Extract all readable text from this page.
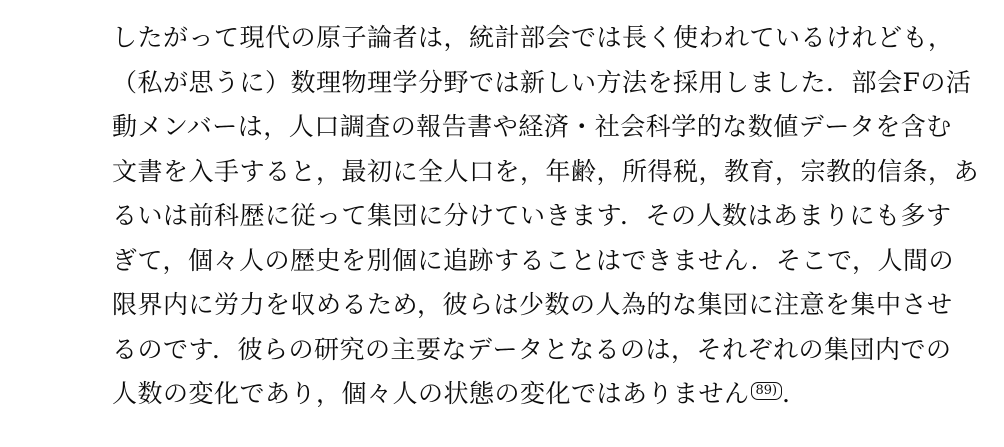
したがって現代の原子論者は，統計部会では長く使われているけれども，
（私が思うに）数理物理学分野では新しい方法を採用しました．部会Fの活
動メンバーは，人口調査の報告書や経済・社会科学的な数値データを含む
文書を入手すると，最初に全人口を，年齢，所得税，教育，宗教的信条，あ
るいは前科歴に従って集団に分けていきます．その人数はあまりにも多す
ぎて，個々人の歴史を別個に追跡することはできません．そこで，人間の
限界内に労力を収めるため，彼らは少数の人為的な集団に注意を集中させ
るのです．彼らの研究の主要なデータとなるのは，それぞれの集団内での
人数の変化であり，個々人の状態の変化ではありません 89) ．
